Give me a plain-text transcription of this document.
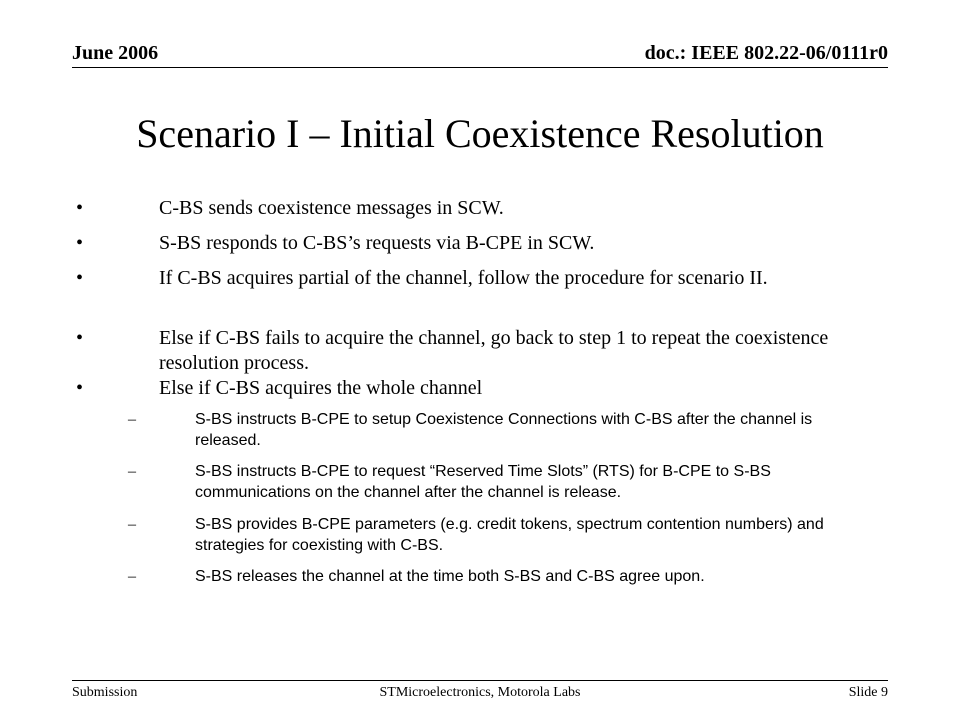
June 2006	doc.: IEEE 802.22-06/0111r0
Scenario I – Initial Coexistence Resolution
•	C-BS sends coexistence messages in SCW.
•	S-BS responds to C-BS’s requests via B-CPE in SCW.
•	If C-BS acquires partial of the channel, follow the procedure for scenario II.
•	Else if C-BS fails to acquire the channel, go back to step 1 to repeat the coexistence resolution process.
•	Else if C-BS acquires the whole channel
–	S-BS instructs B-CPE to setup Coexistence Connections with C-BS after the channel is released.
–	S-BS instructs B-CPE to request “Reserved Time Slots” (RTS) for B-CPE to S-BS communications on the channel after the channel is release.
–	S-BS provides B-CPE parameters (e.g. credit tokens, spectrum contention numbers) and strategies for coexisting with C-BS.
–	S-BS releases the channel at the time both S-BS and C-BS agree upon.
Submission	STMicroelectronics, Motorola Labs	Slide 9
